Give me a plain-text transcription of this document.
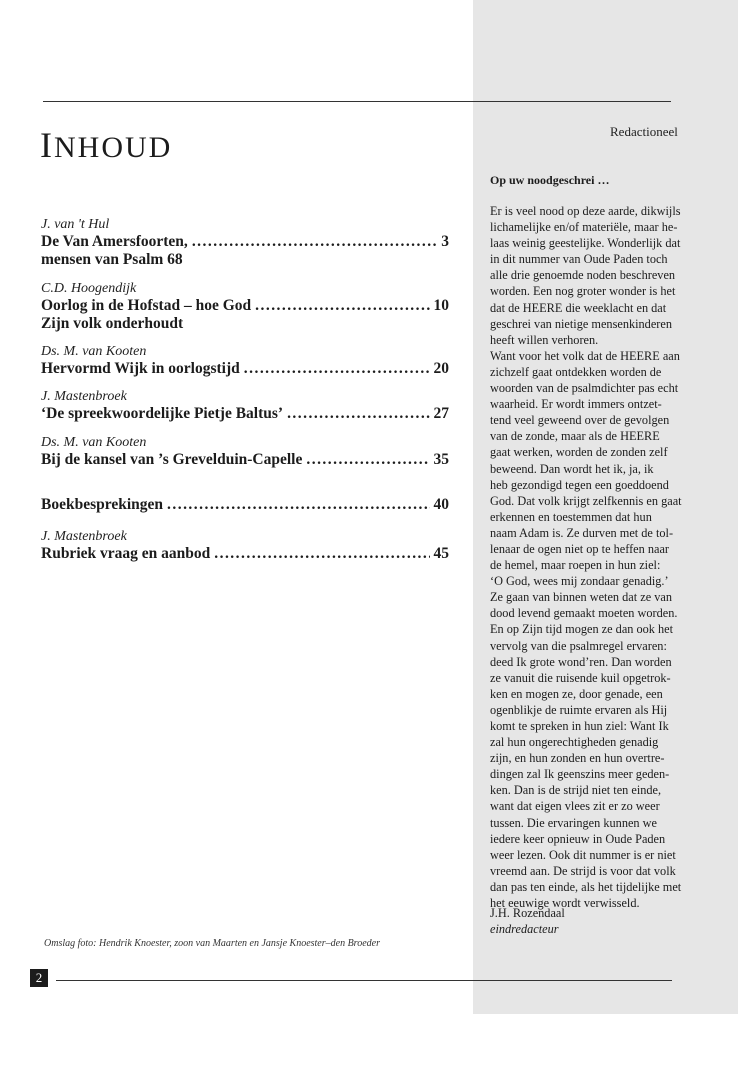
INHOUD
J. van 't Hul
De Van Amersfoorten, . . .	3
mensen van Psalm 68
C.D. Hoogendijk
Oorlog in de Hofstad – hoe God . . .	10
Zijn volk onderhoudt
Ds. M. van Kooten
Hervormd Wijk in oorlogstijd . . .	20
J. Mastenbroek
‘De spreekwoordelijke Pietje Baltus’ . . .	27
Ds. M. van Kooten
Bij de kansel van ’s Grevelduin-Capelle . . .	35
Boekbesprekingen . . .	40
J. Mastenbroek
Rubriek vraag en aanbod . . .	45
Omslag foto: Hendrik Knoester, zoon van Maarten en Jansje Knoester–den Broeder
2
Redactioneel
Op uw noodgeschrei …
Er is veel nood op deze aarde, dikwijls
lichamelijke en/of materiële, maar he-
laas weinig geestelijke. Wonderlijk dat
in dit nummer van Oude Paden toch
alle drie genoemde noden beschreven
worden. Een nog groter wonder is het
dat de HEERE die weeklacht en dat
geschrei van nietige mensenkinderen
heeft willen verhoren.
Want voor het volk dat de HEERE aan
zichzelf gaat ontdekken worden de
woorden van de psalmdichter pas echt
waarheid. Er wordt immers ontzet-
tend veel geweend over de gevolgen
van de zonde, maar als de HEERE
gaat werken, worden de zonden zelf
beweend. Dan wordt het ik, ja, ik
heb gezondigd tegen een goeddoend
God. Dat volk krijgt zelfkennis en gaat
erkennen en toestemmen dat hun
naam Adam is. Ze durven met de tol-
lenaar de ogen niet op te heffen naar
de hemel, maar roepen in hun ziel:
‘O God, wees mij zondaar genadig.’
Ze gaan van binnen weten dat ze van
dood levend gemaakt moeten worden.
En op Zijn tijd mogen ze dan ook het
vervolg van die psalmregel ervaren:
deed Ik grote wond’ren. Dan worden
ze vanuit die ruisende kuil opgetrok-
ken en mogen ze, door genade, een
ogenblikje de ruimte ervaren als Hij
komt te spreken in hun ziel: Want Ik
zal hun ongerechtigheden genadig
zijn, en hun zonden en hun overtre-
dingen zal Ik geenszins meer geden-
ken. Dan is de strijd niet ten einde,
want dat eigen vlees zit er zo weer
tussen. Die ervaringen kunnen we
iedere keer opnieuw in Oude Paden
weer lezen. Ook dit nummer is er niet
vreemd aan. De strijd is voor dat volk
dan pas ten einde, als het tijdelijke met
het eeuwige wordt verwisseld.
J.H. Rozendaal
eindredacteur
